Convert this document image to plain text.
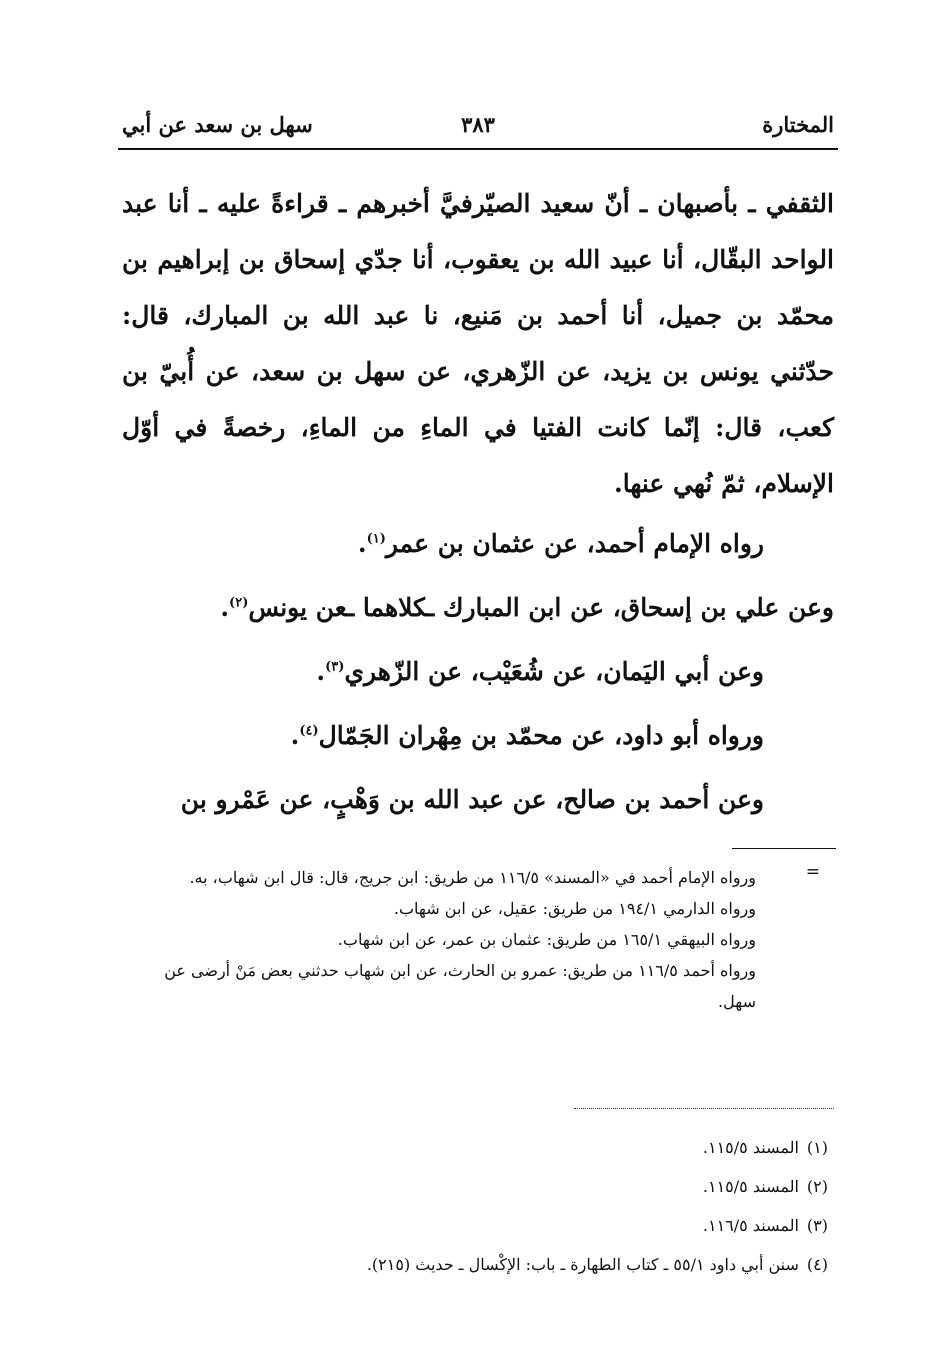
المختارة
٣٨٣
سهل بن سعد عن أبي

الثقفي ـ بأصبهان ـ أنّ سعيد الصيّرفيَّ أخبرهم ـ قراءةً عليه ـ أنا عبد الواحد البقّال، أنا عبيد الله بن يعقوب، أنا جدّي إسحاق بن إبراهيم بن محمّد بن جميل، أنا أحمد بن مَنيع، نا عبد الله بن المبارك، قال: حدّثني يونس بن يزيد، عن الزّهري، عن سهل بن سعد، عن أُبيّ بن كعب، قال: إنّما كانت الفتيا في الماءِ من الماءِ، رخصةً في أوّل الإسلام، ثمّ نُهي عنها.

رواه الإمام أحمد، عن عثمان بن عمر$^{(١)}$.

وعن علي بن إسحاق، عن ابن المبارك ـكلاهما ـعن يونس$^{(٢)}$.

وعن أبي اليَمان، عن شُعَيْب، عن الزّهري$^{(٣)}$.

ورواه أبو داود، عن محمّد بن مِهْران الجَمّال$^{(٤)}$.

وعن أحمد بن صالح، عن عبد الله بن وَهْبٍ، عن عَمْرو بن

=

ورواه الإمام أحمد في «المسند» ١١٦/٥ من طريق: ابن جريج، قال: قال ابن شهاب، به.

ورواه الدارمي ١٩٤/١ من طريق: عقيل، عن ابن شهاب.

ورواه البيهقي ١٦٥/١ من طريق: عثمان بن عمر، عن ابن شهاب.

ورواه أحمد ١١٦/٥ من طريق: عمرو بن الحارث، عن ابن شهاب حدثني بعض مَنْ أرضى عن سهل.

(١)المسند ١١٥/٥.

(٢)المسند ١١٥/٥.

(٣)المسند ١١٦/٥.

(٤)سنن أبي داود ٥٥/١ ـ كتاب الطهارة ـ باب: الإكْسال ـ حديث (٢١٥).
